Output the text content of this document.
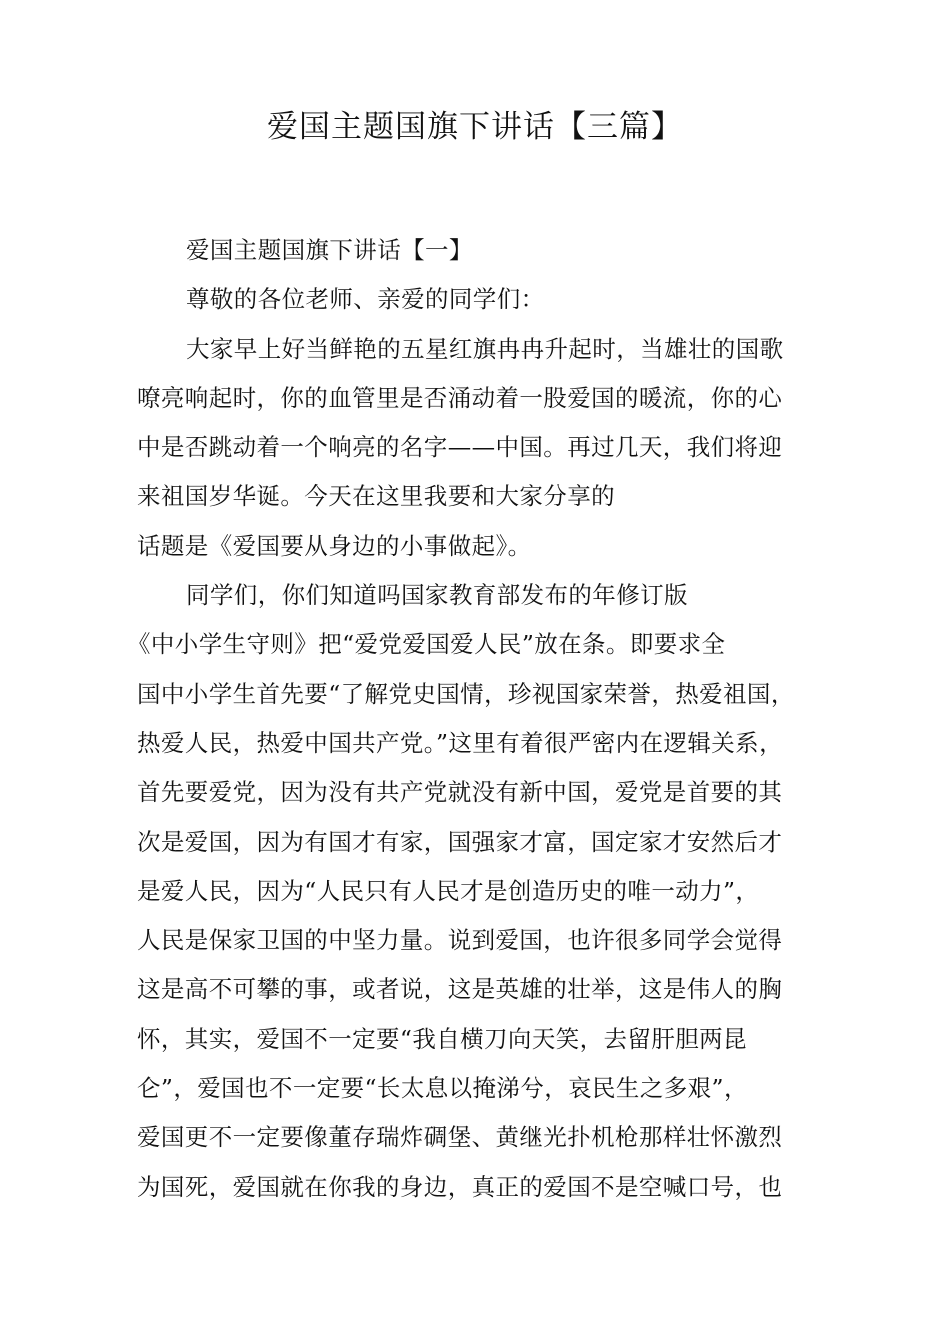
爱国主题国旗下讲话【三篇】
爱国主题国旗下讲话【一】
尊敬的各位老师、亲爱的同学们：
大家早上好当鲜艳的五星红旗冉冉升起时，当雄壮的国歌
嘹亮响起时，你的血管里是否涌动着一股爱国的暖流，你的心
中是否跳动着一个响亮的名字——中国。再过几天，我们将迎
来祖国岁华诞。今天在这里我要和大家分享的
话题是《爱国要从身边的小事做起》。
同学们，你们知道吗国家教育部发布的年修订版
《中小学生守则》把“爱党爱国爱人民”放在条。即要求全
国中小学生首先要“了解党史国情，珍视国家荣誉，热爱祖国，
热爱人民，热爱中国共产党。”这里有着很严密内在逻辑关系，
首先要爱党，因为没有共产党就没有新中国，爱党是首要的其
次是爱国，因为有国才有家，国强家才富，国定家才安然后才
是爱人民，因为“人民只有人民才是创造历史的唯一动力”，
人民是保家卫国的中坚力量。说到爱国，也许很多同学会觉得
这是高不可攀的事，或者说，这是英雄的壮举，这是伟人的胸
怀，其实，爱国不一定要“我自横刀向天笑，去留肝胆两昆
仑”，爱国也不一定要“长太息以掩涕兮，哀民生之多艰”，
爱国更不一定要像董存瑞炸碉堡、黄继光扑机枪那样壮怀激烈
为国死，爱国就在你我的身边，真正的爱国不是空喊口号，也
